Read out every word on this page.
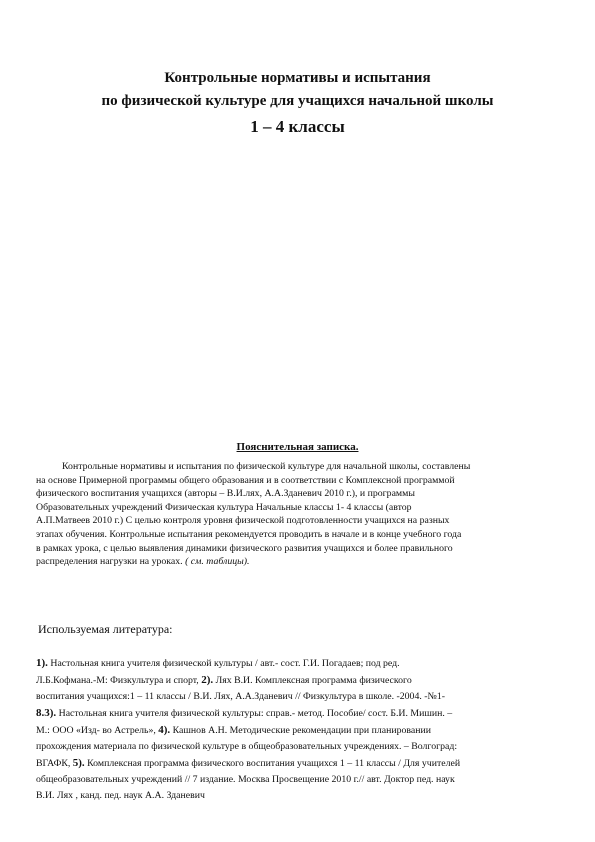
Контрольные нормативы и испытания
по физической культуре для учащихся начальной школы
1 – 4 классы
Пояснительная записка.
Контрольные нормативы и испытания по физической культуре для начальной школы, составлены
на основе Примерной программы общего образования и в соответствии с Комплексной программой
физического воспитания учащихся (авторы – В.И.лях, А.А.Зданевич 2010 г.), и программы
Образовательных учреждений Физическая культура Начальные классы 1- 4 классы (автор
А.П.Матвеев 2010 г.) С целью контроля уровня физической подготовленности учащихся на разных
этапах обучения. Контрольные испытания рекомендуется проводить в начале и в конце учебного года
в рамках урока, с целью выявления динамики физического развития учащихся и более правильного
распределения нагрузки на уроках. ( см. таблицы).
Используемая литература:
1). Настольная книга учителя физической культуры / авт.- сост. Г.И. Погадаев; под ред.
Л.Б.Кофмана.-М: Физкультура и спорт, 2). Лях В.И. Комплексная программа физического
воспитания учащихся:1 – 11 классы / В.И. Лях, А.А.Зданевич // Физкультура в школе. -2004. -№1-
8.3). Настольная книга учителя физической культуры: справ.- метод. Пособие/ сост. Б.И. Мишин. –
М.: ООО «Изд- во Астрель», 4). Кашнов А.Н. Методические рекомендации при планировании
прохождения материала по физической культуре в общеобразовательных учреждениях. – Волгоград:
ВГАФК, 5). Комплексная программа физического воспитания учащихся 1 – 11 классы / Для учителей
общеобразовательных учреждений // 7 издание. Москва Просвещение 2010 г.// авт. Доктор пед. наук
В.И. Лях , канд. пед. наук А.А. Зданевич
